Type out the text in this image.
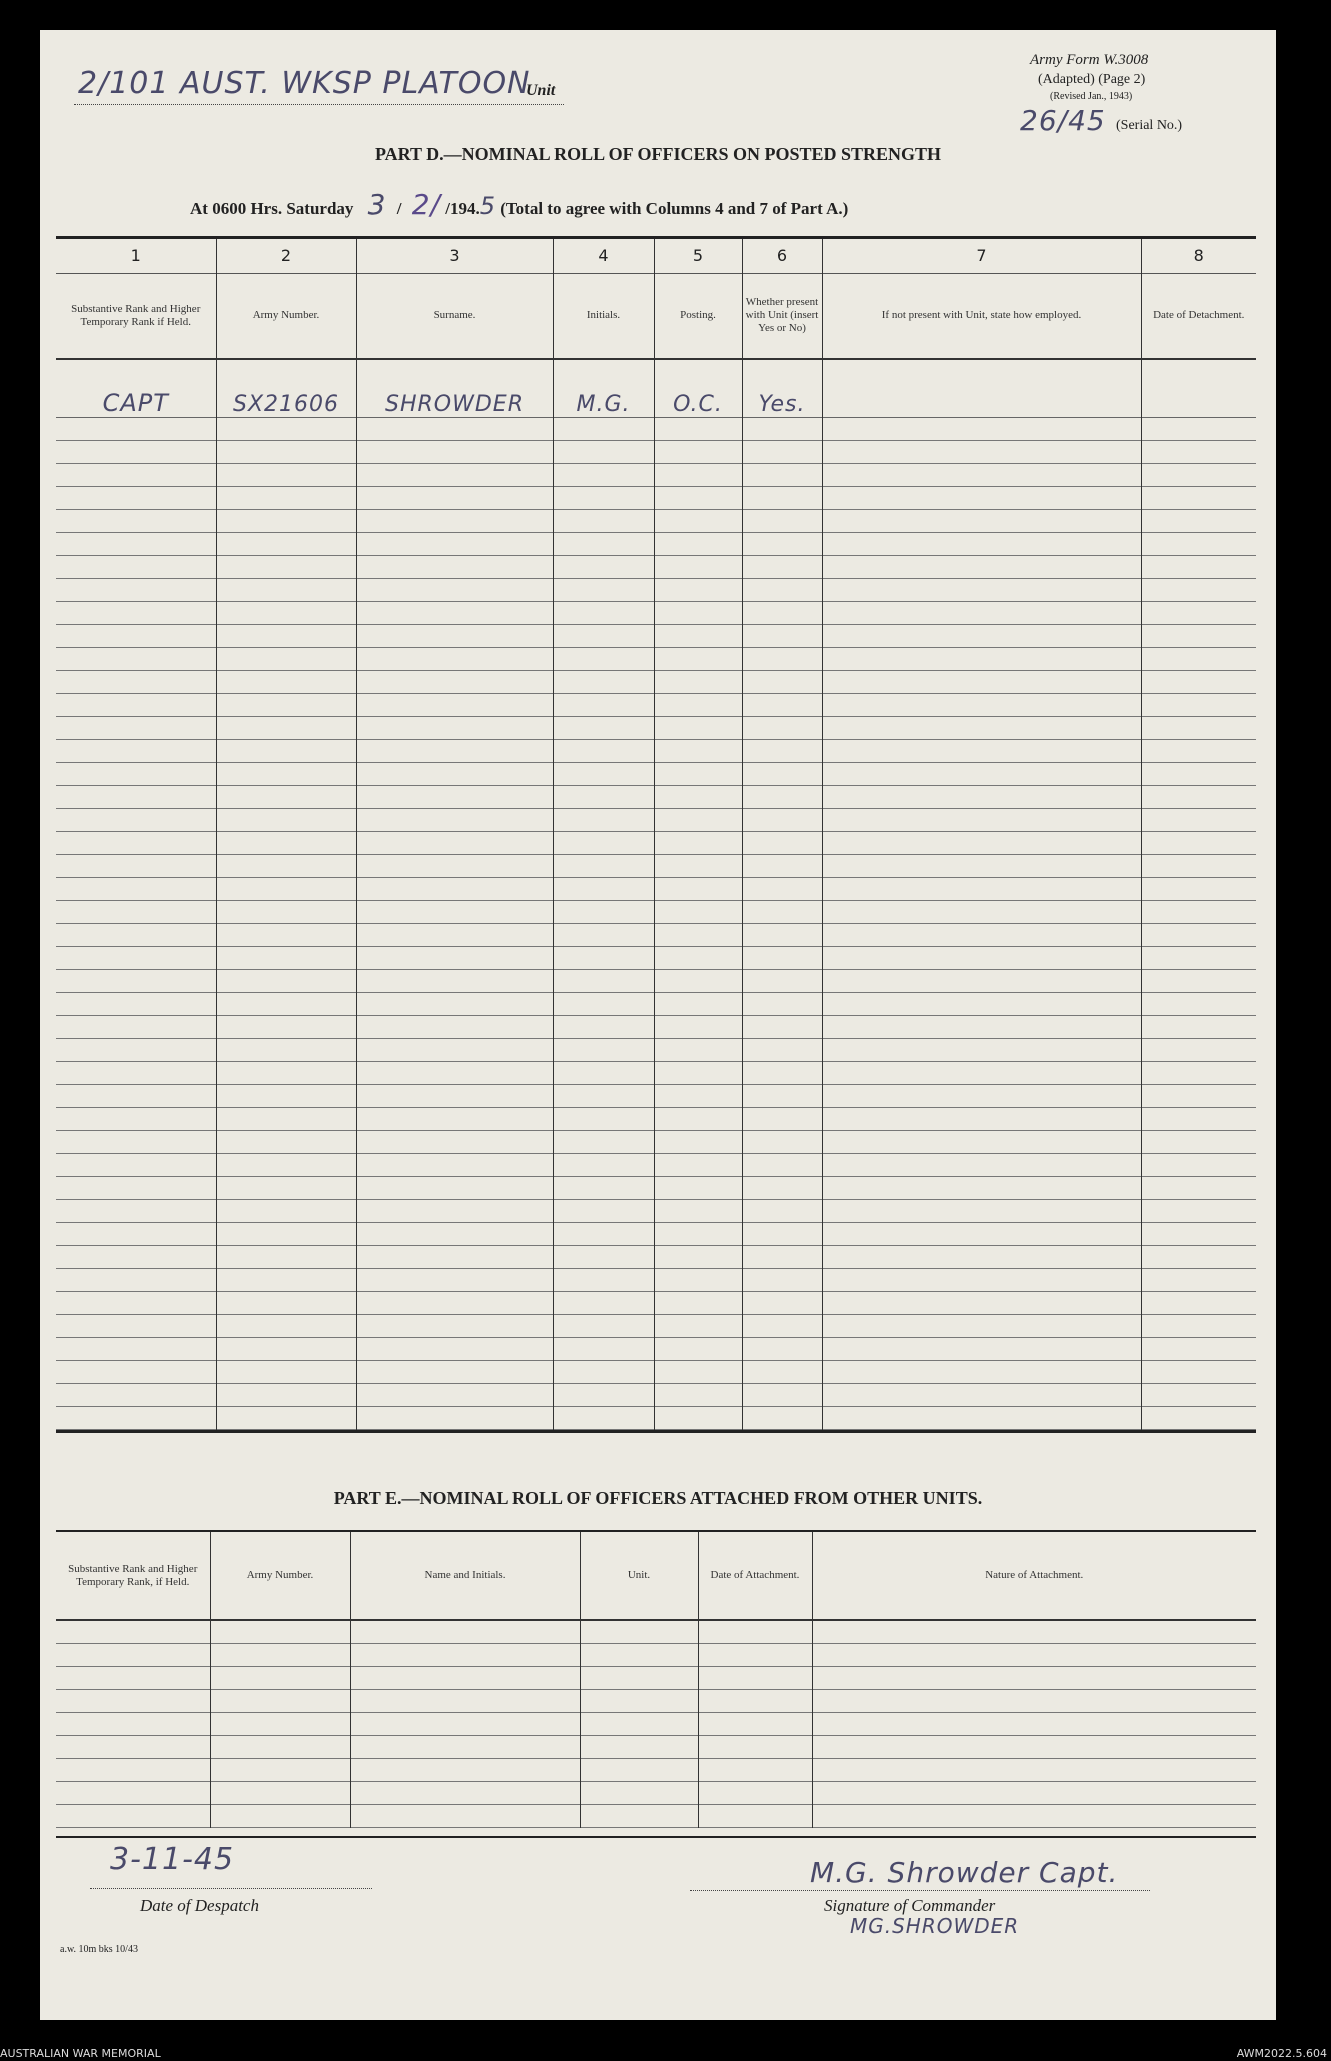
2/101 AUST. WKSP PLATOON
Unit
Army Form W.3008
(Adapted) (Page 2)
(Revised Jan., 1943)
26/45 (Serial No.)
PART D.—NOMINAL ROLL OF OFFICERS ON POSTED STRENGTH
At 0600 Hrs. Saturday 3 / 2/ /194.5 (Total to agree with Columns 4 and 7 of Part A.)
1	2	3	4	5	6	7	8
Substantive Rank and Higher Temporary Rank if Held.	Army Number.	Surname.	Initials.	Posting.	Whether present with Unit (insert Yes or No)	If not present with Unit, state how employed.	Date of Detachment.
CAPT	SX21606	SHROWDER	M.G.	O.C.	Yes.		

PART E.—NOMINAL ROLL OF OFFICERS ATTACHED FROM OTHER UNITS.
Substantive Rank and Higher Temporary Rank, if Held.	Army Number.	Name and Initials.	Unit.	Date of Attachment.	Nature of Attachment.

3-11-45
Date of Despatch
M.G. Shrowder Capt.
Signature of Commander
MG.SHROWDER
a.w. 10m bks 10/43
AUSTRALIAN WAR MEMORIAL	AWM2022.5.604
